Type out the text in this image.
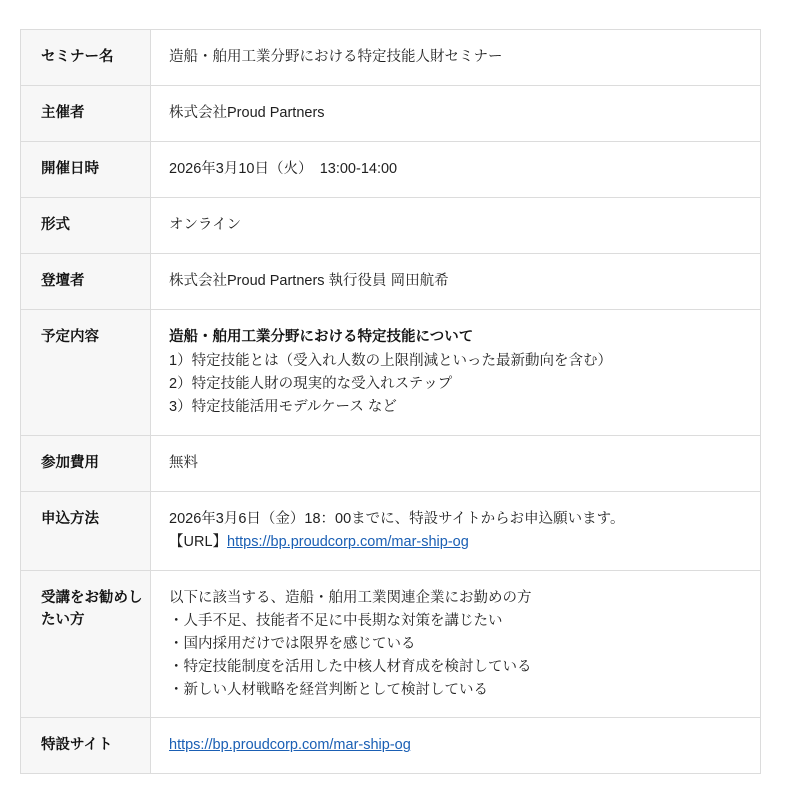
セミナー名	造船・舶用工業分野における特定技能人財セミナー

主催者	株式会社Proud Partners

開催日時	2026年3月10日（火）　13:00-14:00

形式	オンライン

登壇者	株式会社Proud Partners 執行役員 岡田航希

予定内容	造船・舶用工業分野における特定技能について
1）特定技能とは（受入れ人数の上限削減といった最新動向を含む）
2）特定技能人財の現実的な受入れステップ
3）特定技能活用モデルケース など

参加費用	無料

申込方法	2026年3月6日（金）18：00までに、特設サイトからお申込願います。
【URL】https://bp.proudcorp.com/mar-ship-og

受講をお勧めしたい方	以下に該当する、造船・舶用工業関連企業にお勤めの方
・人手不足、技能者不足に中長期な対策を講じたい
・国内採用だけでは限界を感じている
・特定技能制度を活用した中核人材育成を検討している
・新しい人材戦略を経営判断として検討している

特設サイト	https://bp.proudcorp.com/mar-ship-og
